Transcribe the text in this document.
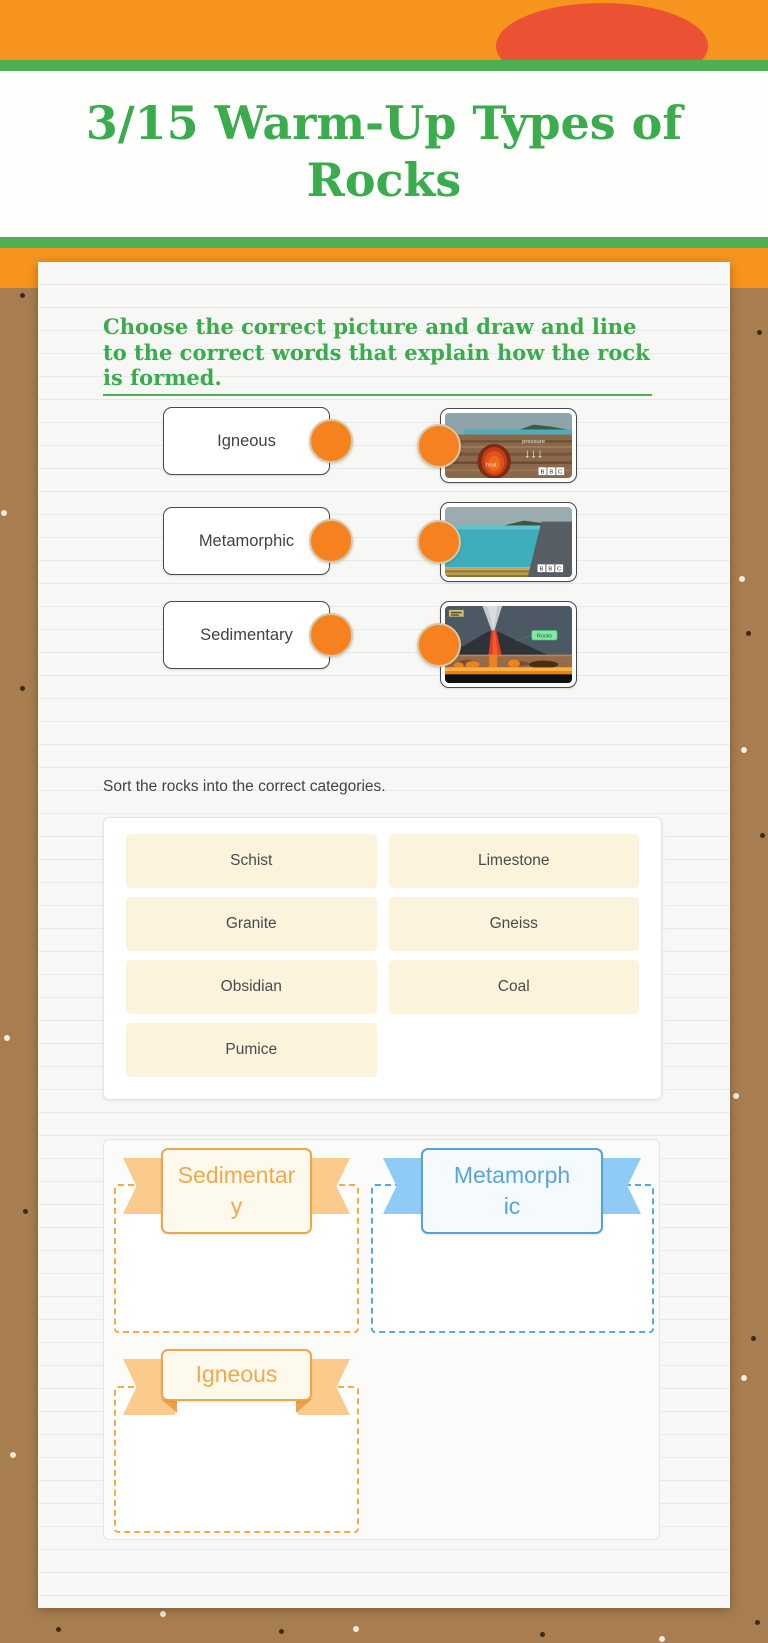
3/15 Warm-Up Types of Rocks
Choose the correct picture and draw and line to the correct words that explain how the rock is formed.
Igneous
Metamorphic
Sedimentary
heat
pressure
↓↓↓
B B C
B B C
Rocks
Sort the rocks into the correct categories.
Schist	Limestone
Granite	Gneiss
Obsidian	Coal
Pumice
Sedimentar
y
Metamorph
ic
Igneous
